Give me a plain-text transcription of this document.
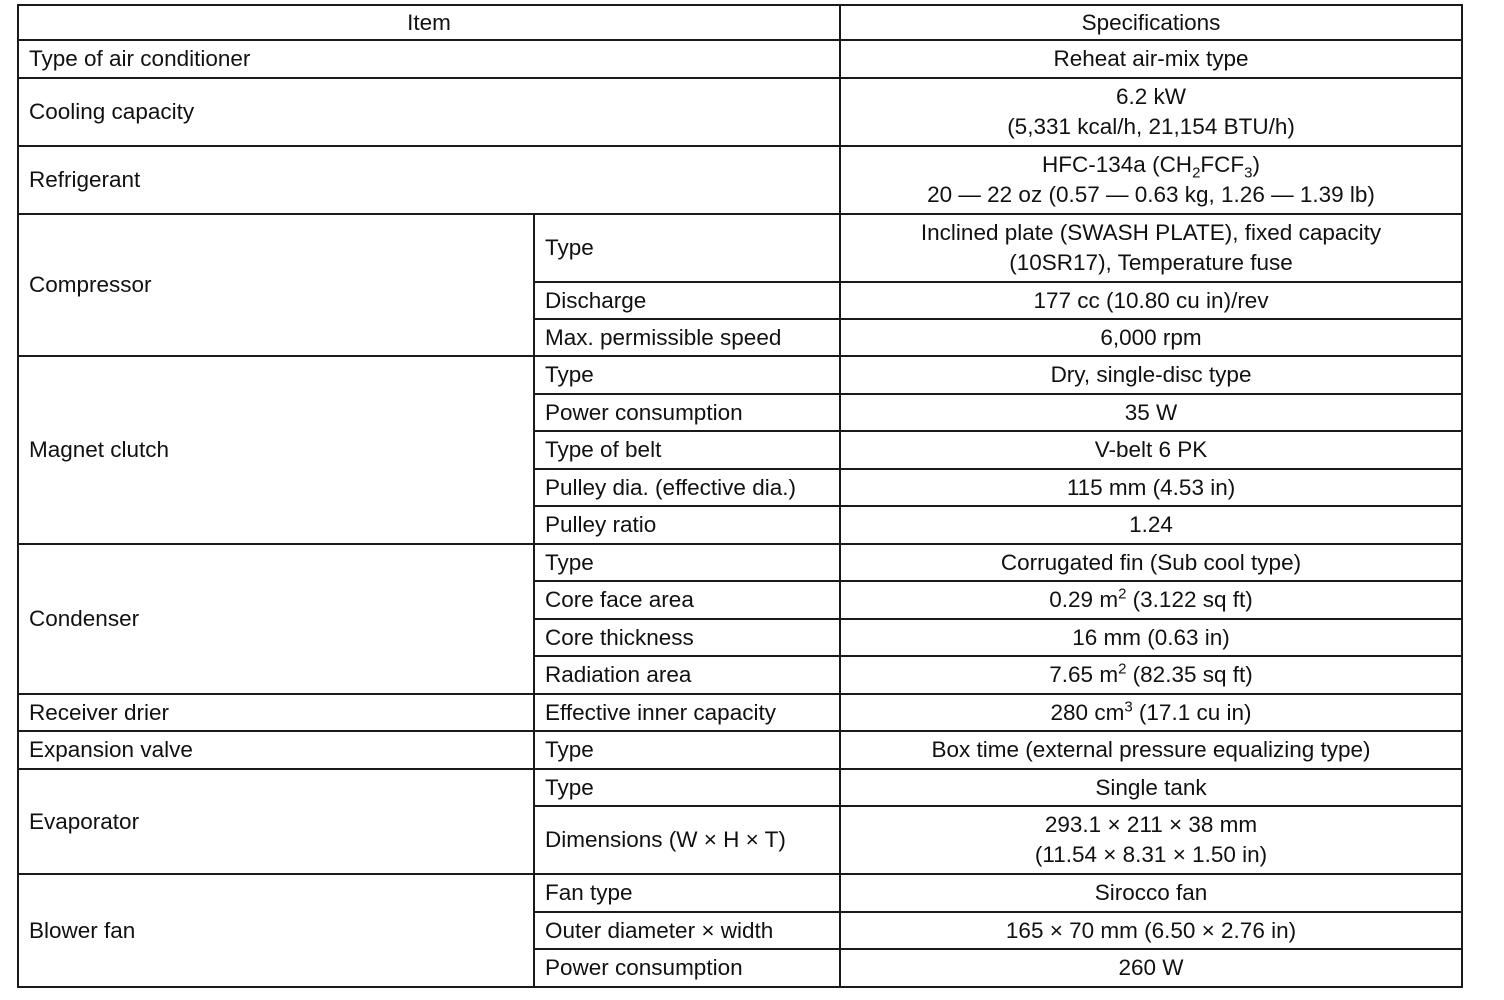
Item		Specifications
Type of air conditioner		Reheat air-mix type
Cooling capacity		6.2 kW
(5,331 kcal/h, 21,154 BTU/h)

Refrigerant		HFC-134a $(CH_2FCF_3)$
20 — 22 oz (0.57 — 0.63 kg, 1.26 — 1.39 lb)

Compressor	Type	Inclined plate (SWASH PLATE), fixed capacity
(10SR17), Temperature fuse

	Discharge	177 cc (10.80 cu in)/rev
	Max. permissible speed	6,000 rpm
Magnet clutch	Type	Dry, single-disc type
	Power consumption	35 W
	Type of belt	V-belt 6 PK
	Pulley dia. (effective dia.)	115 mm (4.53 in)
	Pulley ratio	1.24
Condenser	Type	Corrugated fin (Sub cool type)
	Core face area	0.29 $m^2$ (3.122 sq ft)
	Core thickness	16 mm (0.63 in)
	Radiation area	7.65 $m^2$ (82.35 sq ft)
Receiver drier	Effective inner capacity	280 $cm^3$ (17.1 cu in)
Expansion valve	Type	Box time (external pressure equalizing type)
Evaporator	Type	Single tank
	Dimensions (W × H × T)	293.1 × 211 × 38 mm
(11.54 × 8.31 × 1.50 in)

Blower fan	Fan type	Sirocco fan
	Outer diameter × width	165 × 70 mm (6.50 × 2.76 in)
	Power consumption	260 W
